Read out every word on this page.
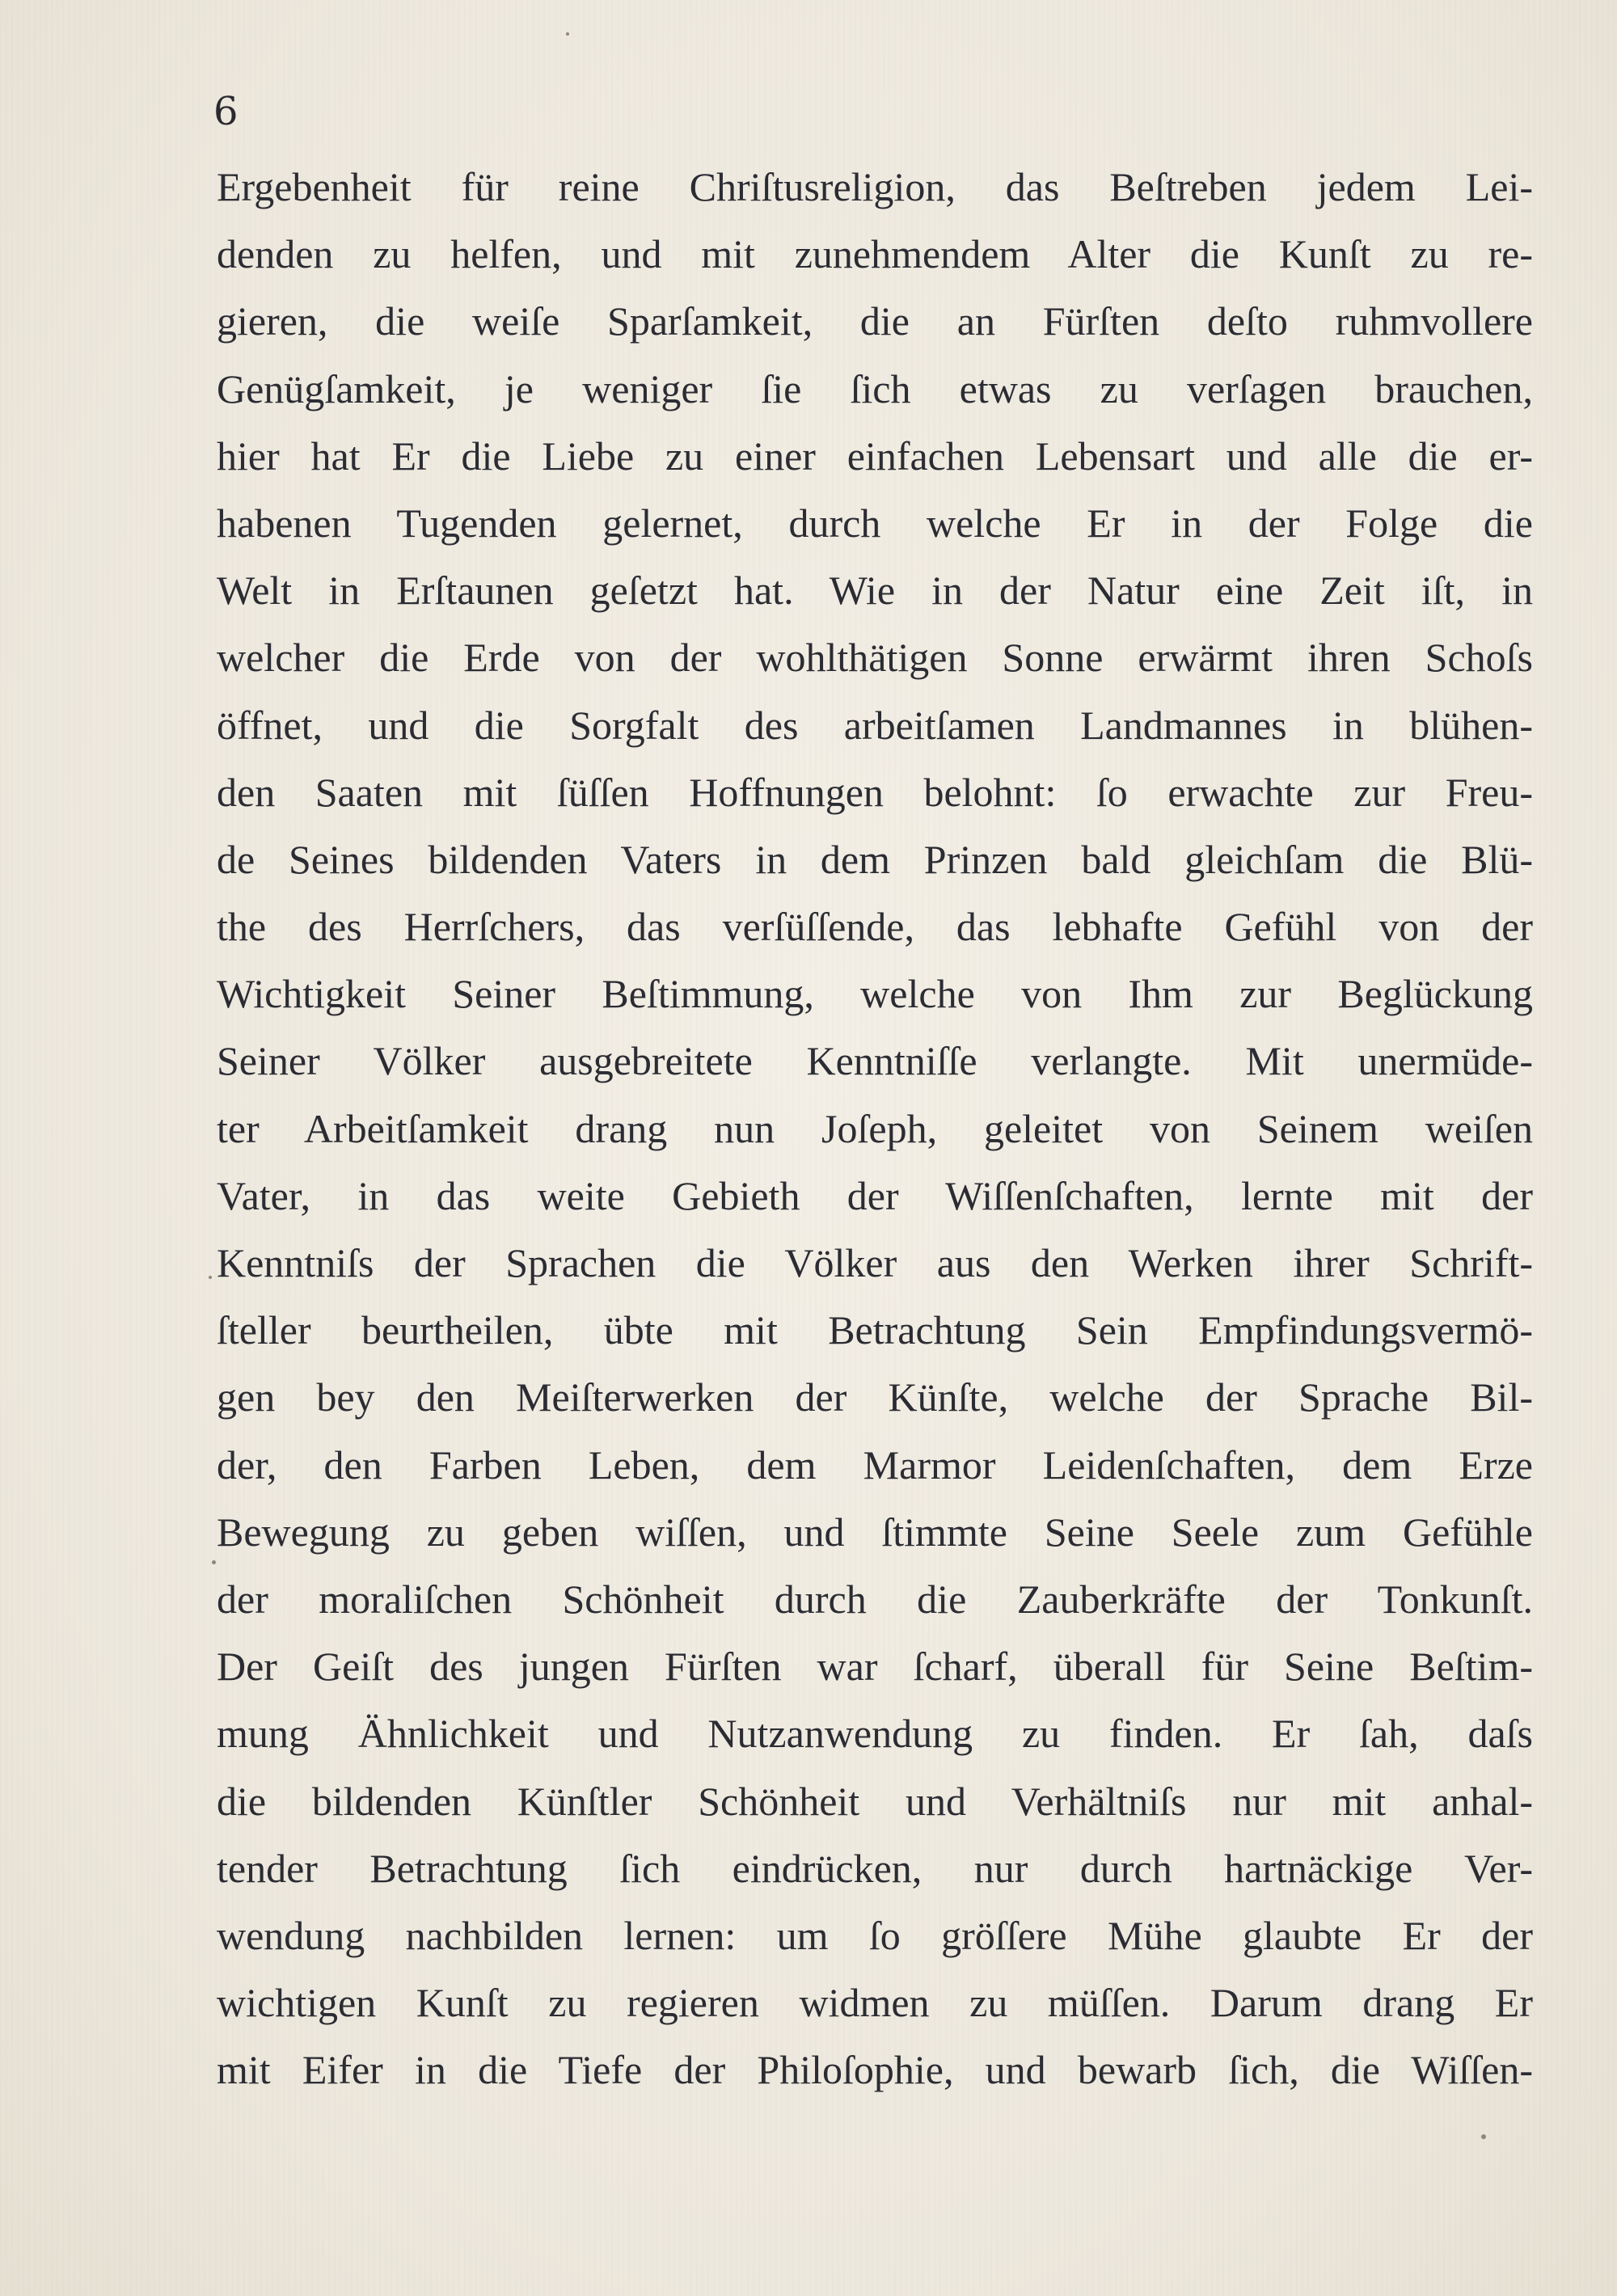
6
Ergebenheit für reine Chriſtusreligion, das Beſtreben jedem Lei-
denden zu helfen, und mit zunehmendem Alter die Kunſt zu re-
gieren, die weiſe Sparſamkeit, die an Fürſten deſto ruhmvollere
Genügſamkeit, je weniger ſie ſich etwas zu verſagen brauchen,
hier hat Er die Liebe zu einer einfachen Lebensart und alle die er-
habenen Tugenden gelernet, durch welche Er in der Folge die
Welt in Erſtaunen geſetzt hat. Wie in der Natur eine Zeit iſt, in
welcher die Erde von der wohlthätigen Sonne erwärmt ihren Schoſs
öffnet, und die Sorgfalt des arbeitſamen Landmannes in blühen-
den Saaten mit ſüſſen Hoffnungen belohnt: ſo erwachte zur Freu-
de Seines bildenden Vaters in dem Prinzen bald gleichſam die Blü-
the des Herrſchers, das verſüſſende, das lebhafte Gefühl von der
Wichtigkeit Seiner Beſtimmung, welche von Ihm zur Beglückung
Seiner Völker ausgebreitete Kenntniſſe verlangte. Mit unermüde-
ter Arbeitſamkeit drang nun Joſeph, geleitet von Seinem weiſen
Vater, in das weite Gebieth der Wiſſenſchaften, lernte mit der
Kenntniſs der Sprachen die Völker aus den Werken ihrer Schrift-
ſteller beurtheilen, übte mit Betrachtung Sein Empfindungsvermö-
gen bey den Meiſterwerken der Künſte, welche der Sprache Bil-
der, den Farben Leben, dem Marmor Leidenſchaften, dem Erze
Bewegung zu geben wiſſen, und ſtimmte Seine Seele zum Gefühle
der moraliſchen Schönheit durch die Zauberkräfte der Tonkunſt.
Der Geiſt des jungen Fürſten war ſcharf, überall für Seine Beſtim-
mung Ähnlichkeit und Nutzanwendung zu finden. Er ſah, daſs
die bildenden Künſtler Schönheit und Verhältniſs nur mit anhal-
tender Betrachtung ſich eindrücken, nur durch hartnäckige Ver-
wendung nachbilden lernen: um ſo gröſſere Mühe glaubte Er der
wichtigen Kunſt zu regieren widmen zu müſſen. Darum drang Er
mit Eifer in die Tiefe der Philoſophie, und bewarb ſich, die Wiſſen-
